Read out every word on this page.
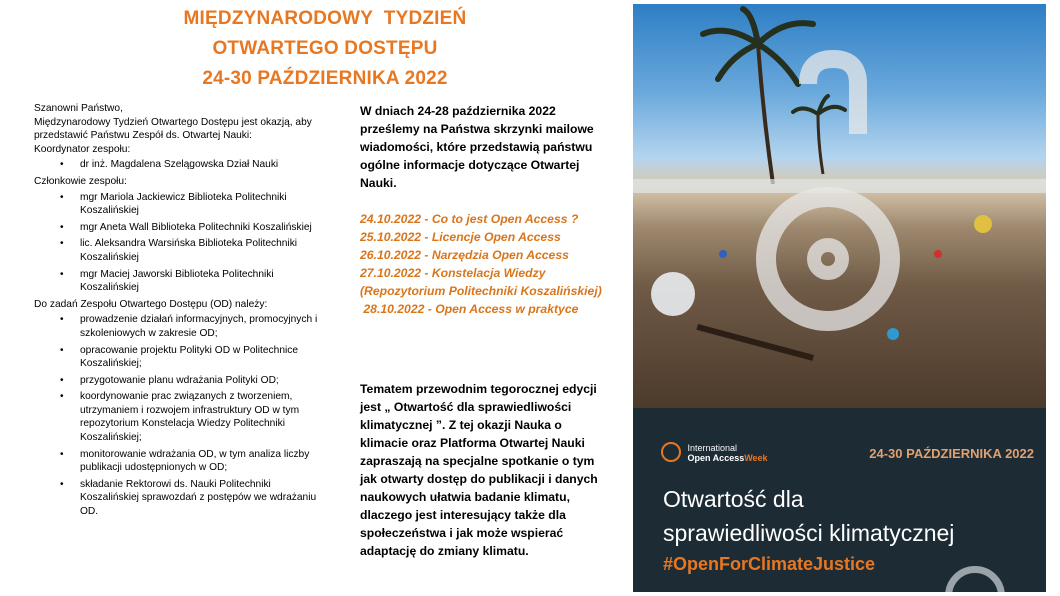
MIĘDZYNARODOWY  TYDZIEŃ
OTWARTEGO DOSTĘPU
24-30 PAŹDZIERNIKA 2022

Szanowni Państwo,

Międzynarodowy Tydzień Otwartego Dostępu jest okazją, aby przedstawić Państwu Zespół ds. Otwartej Nauki:

Koordynator zespołu:

• dr inż. Magdalena Szelągowska Dział Nauki

Członkowie zespołu:

• mgr Mariola Jackiewicz Biblioteka Politechniki Koszalińskiej
• mgr Aneta Wall Biblioteka Politechniki Koszalińskiej
• lic. Aleksandra Warsińska Biblioteka Politechniki Koszalińskiej
• mgr Maciej Jaworski Biblioteka Politechniki Koszalińskiej

Do zadań Zespołu Otwartego Dostępu (OD) należy:

• prowadzenie działań informacyjnych, promocyjnych i szkoleniowych w zakresie OD;
• opracowanie projektu Polityki OD w Politechnice Koszalińskiej;
• przygotowanie planu wdrażania Polityki OD;
• koordynowanie prac związanych z tworzeniem, utrzymaniem i rozwojem infrastruktury OD w tym repozytorium Konstelacja Wiedzy Politechniki Koszalińskiej;
• monitorowanie wdrażania OD, w tym analiza liczby publikacji udostępnionych w OD;
• składanie Rektorowi ds. Nauki Politechniki Koszalińskiej sprawozdań z postępów we wdrażaniu OD.

W dniach 24-28 października 2022 prześlemy na Państwa skrzynki mailowe wiadomości, które przedstawią państwu ogólne informacje dotyczące Otwartej Nauki.

24.10.2022 - Co to jest Open Access ?
25.10.2022 - Licencje Open Access
26.10.2022 - Narzędzia Open Access
27.10.2022 - Konstelacja Wiedzy (Repozytorium Politechniki Koszalińskiej)
28.10.2022 - Open Access w praktyce
Tematem przewodnim tegorocznej edycji jest „ Otwartość dla sprawiedliwości klimatycznej ”. Z tej okazji Nauka o klimacie oraz Platforma Otwartej Nauki zapraszają na specjalne spotkanie o tym jak otwarty dostęp do publikacji i danych naukowych ułatwia badanie klimatu, dlaczego jest interesujący także dla społeczeństwa i jak może wspierać adaptację do zmiany klimatu.
International
Open AccessWeek	24-30 PAŹDZIERNIKA 2022
Otwartość dla
sprawiedliwości klimatycznej
#OpenForClimateJustice
